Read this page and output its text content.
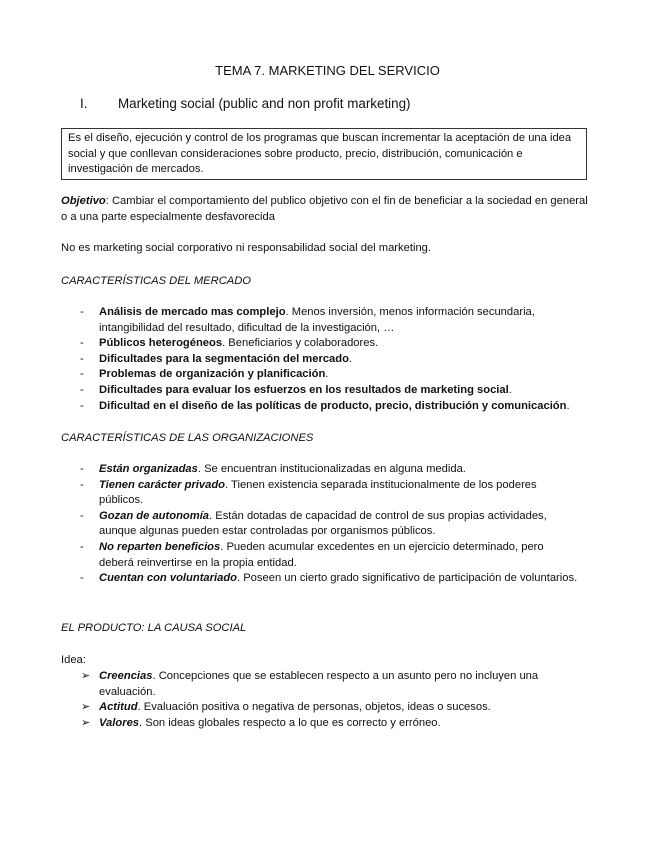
TEMA 7. MARKETING DEL SERVICIO
I. Marketing social (public and non profit marketing)
Es el diseño, ejecución y control de los programas que buscan incrementar la aceptación de una idea social y que conllevan consideraciones sobre producto, precio, distribución, comunicación e investigación de mercados.
Objetivo: Cambiar el comportamiento del publico objetivo con el fin de beneficiar a la sociedad en general o a una parte especialmente desfavorecida
No es marketing social corporativo ni responsabilidad social del marketing.
CARACTERÍSTICAS DEL MERCADO
- Análisis de mercado mas complejo. Menos inversión, menos información secundaria, intangibilidad del resultado, dificultad de la investigación, …
- Públicos heterogéneos. Beneficiarios y colaboradores.
- Dificultades para la segmentación del mercado.
- Problemas de organización y planificación.
- Dificultades para evaluar los esfuerzos en los resultados de marketing social.
- Dificultad en el diseño de las políticas de producto, precio, distribución y comunicación.
CARACTERÍSTICAS DE LAS ORGANIZACIONES
- Están organizadas. Se encuentran institucionalizadas en alguna medida.
- Tienen carácter privado. Tienen existencia separada institucionalmente de los poderes públicos.
- Gozan de autonomía. Están dotadas de capacidad de control de sus propias actividades, aunque algunas pueden estar controladas por organismos públicos.
- No reparten beneficios. Pueden acumular excedentes en un ejercicio determinado, pero deberá reinvertirse en la propia entidad.
- Cuentan con voluntariado. Poseen un cierto grado significativo de participación de voluntarios.
EL PRODUCTO: LA CAUSA SOCIAL
Idea:
➢ Creencias. Concepciones que se establecen respecto a un asunto pero no incluyen una evaluación.
➢ Actitud. Evaluación positiva o negativa de personas, objetos, ideas o sucesos.
➢ Valores. Son ideas globales respecto a lo que es correcto y erróneo.
